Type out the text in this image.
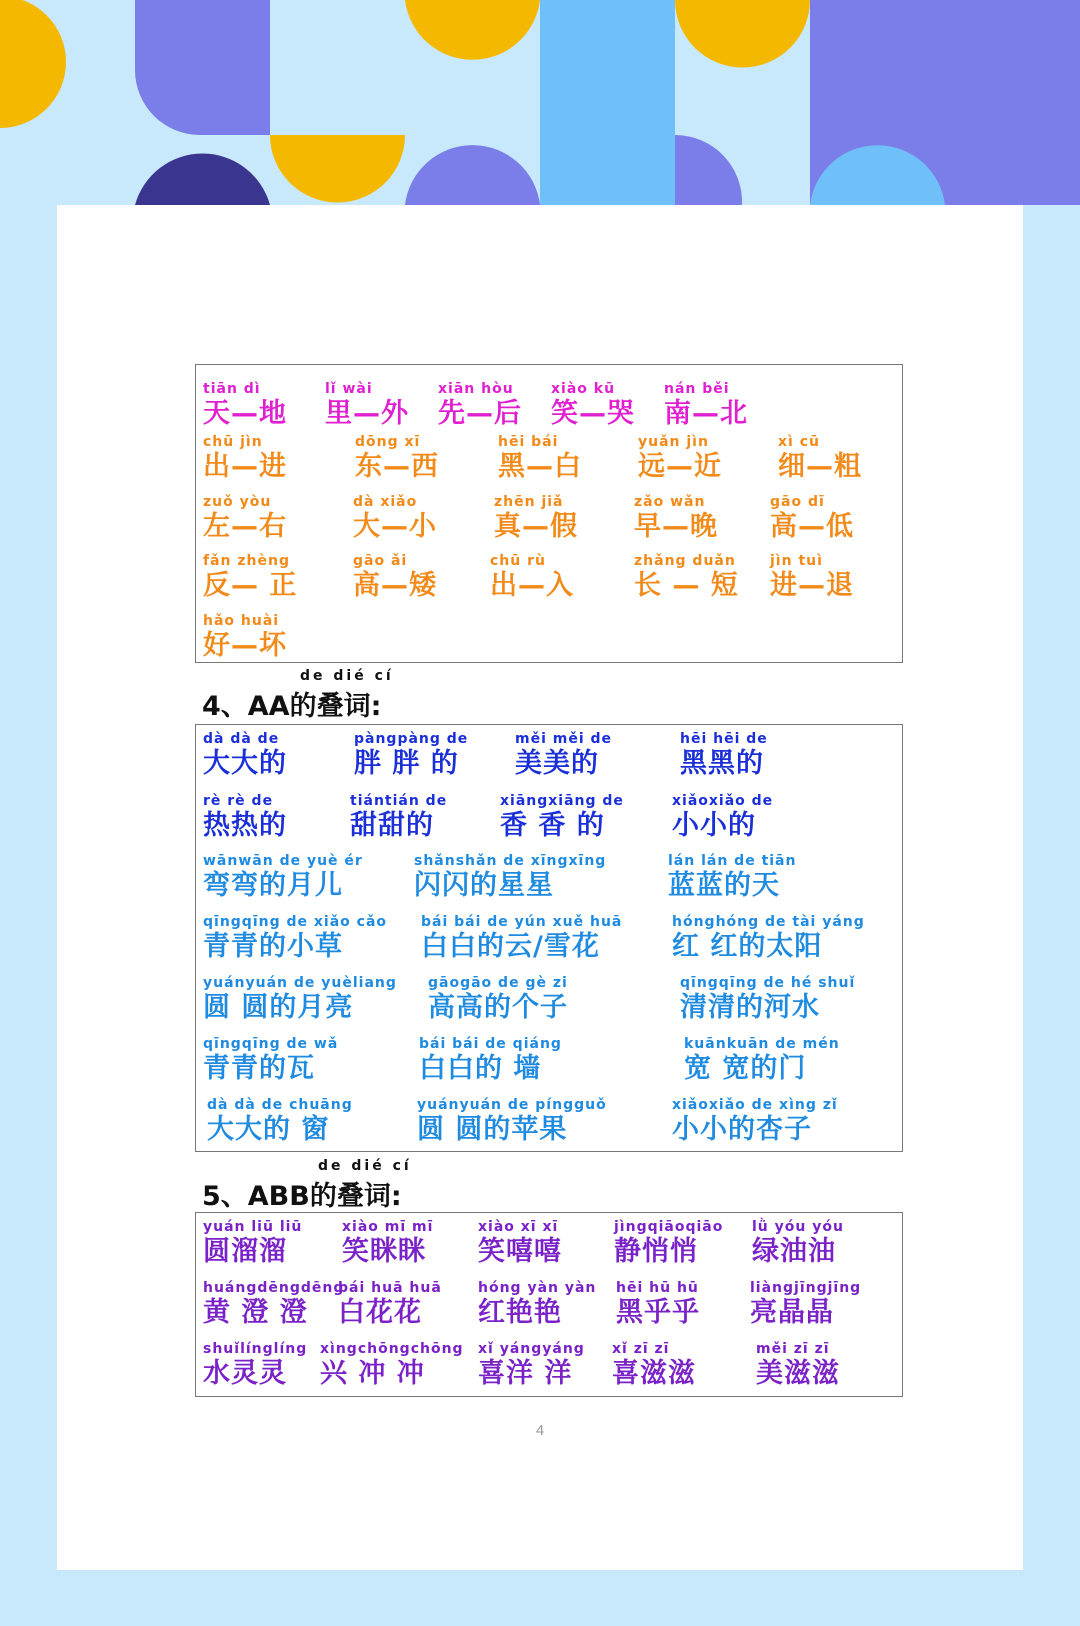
tiān dì
天—地
lǐ wài
里—外
xiān hòu
先—后
xiào kū
笑—哭
nán běi
南—北
chū jìn
出—进
dōng xī
东—西
hēi bái
黑—白
yuǎn jìn
远—近
xì cū
细—粗
zuǒ yòu
左—右
dà xiǎo
大—小
zhēn jiǎ
真—假
zǎo wǎn
早—晚
gāo dī
高—低
fǎn zhèng
反— 正
gāo ǎi
高—矮
chū rù
出—入
zhǎng duǎn
长 — 短
jìn tuì
进—退
hǎo huài
好—坏
de dié cí
4、AA的叠词:
dà dà de
大大的
pàngpàng de
胖 胖 的
měi měi de
美美的
hēi hēi de
黑黑的
rè rè de
热热的
tiántián de
甜甜的
xiāngxiāng de
香 香 的
xiǎoxiǎo de
小小的
wānwān de yuè ér
弯弯的月儿
shǎnshǎn de xīngxīng
闪闪的星星
lán lán de tiān
蓝蓝的天
qīngqīng de xiǎo cǎo
青青的小草
bái bái de yún xuě huā
白白的云/雪花
hónghóng de tài yáng
红 红的太阳
yuányuán de yuèliang
圆 圆的月亮
gāogāo de gè zi
高高的个子
qīngqīng de hé shuǐ
清清的河水
qīngqīng de wǎ
青青的瓦
bái bái de qiáng
白白的 墙
kuānkuān de mén
宽 宽的门
dà dà de chuāng
大大的 窗
yuányuán de píngguǒ
圆 圆的苹果
xiǎoxiǎo de xìng zǐ
小小的杏子
de dié cí
5、ABB的叠词:
yuán liū liū
圆溜溜
xiào mī mī
笑眯眯
xiào xī xī
笑嘻嘻
jìngqiāoqiāo
静悄悄
lǜ yóu yóu
绿油油
huángdēngdēng
黄 澄 澄
bái huā huā
白花花
hóng yàn yàn
红艳艳
hēi hū hū
黑乎乎
liàngjīngjīng
亮晶晶
shuǐlínglíng
水灵灵
xìngchōngchōng
兴 冲 冲
xǐ yángyáng
喜洋 洋
xǐ zī zī
喜滋滋
měi zī zī
美滋滋
4
